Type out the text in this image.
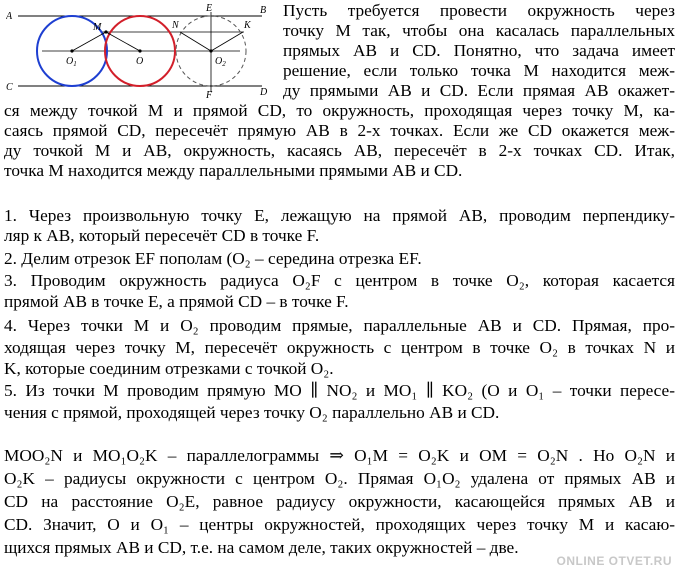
A
B
C	D
E
F
M	N	K
$O_1$	O	$O_2$
Пусть требуется провести окружность через
точку M так, чтобы она касалась параллельных
прямых AB и CD. Понятно, что задача имеет
решение, если только точка M находится меж-
ду прямыми AB и CD. Если прямая AB окажет-
ся между точкой M и прямой CD, то окружность, проходящая через точку M, ка-
саясь прямой CD, пересечёт прямую AB в 2-х точках. Если же CD окажется меж-
ду точкой M и AB, окружность, касаясь AB, пересечёт в 2-х точках CD. Итак,
точка M находится между параллельными прямыми AB и CD.
1. Через произвольную точку E, лежащую на прямой AB, проводим перпендику-
ляр к AB, который пересечёт CD в точке F.
2. Делим отрезок EF пополам (O₂ – середина отрезка EF.
3. Проводим окружность радиуса O₂F с центром в точке O₂, которая касается
прямой AB в точке E, а прямой CD – в точке F.
4. Через точки M и O₂ проводим прямые, параллельные AB и CD. Прямая, про-
ходящая через точку M, пересечёт окружность с центром в точке O₂ в точках N и
K, которые соединим отрезками с точкой O₂.
5. Из точки M проводим прямую MO ∥ NO₂ и MO₁ ∥ KO₂ (O и O₁ – точки пересе-
чения с прямой, проходящей через точку O₂ параллельно AB и CD.
MOO₂N и MO₁O₂K – параллелограммы ⇒ O₁M = O₂K и OM = O₂N . Но O₂N и
O₂K – радиусы окружности с центром O₂. Прямая O₁O₂ удалена от прямых AB и
CD на расстояние O₂E, равное радиусу окружности, касающейся прямых AB и
CD. Значит, O и O₁ – центры окружностей, проходящих через точку M и касаю-
щихся прямых AB и CD, т.е. на самом деле, таких окружностей – две.
ONLINE OTVET.RU
